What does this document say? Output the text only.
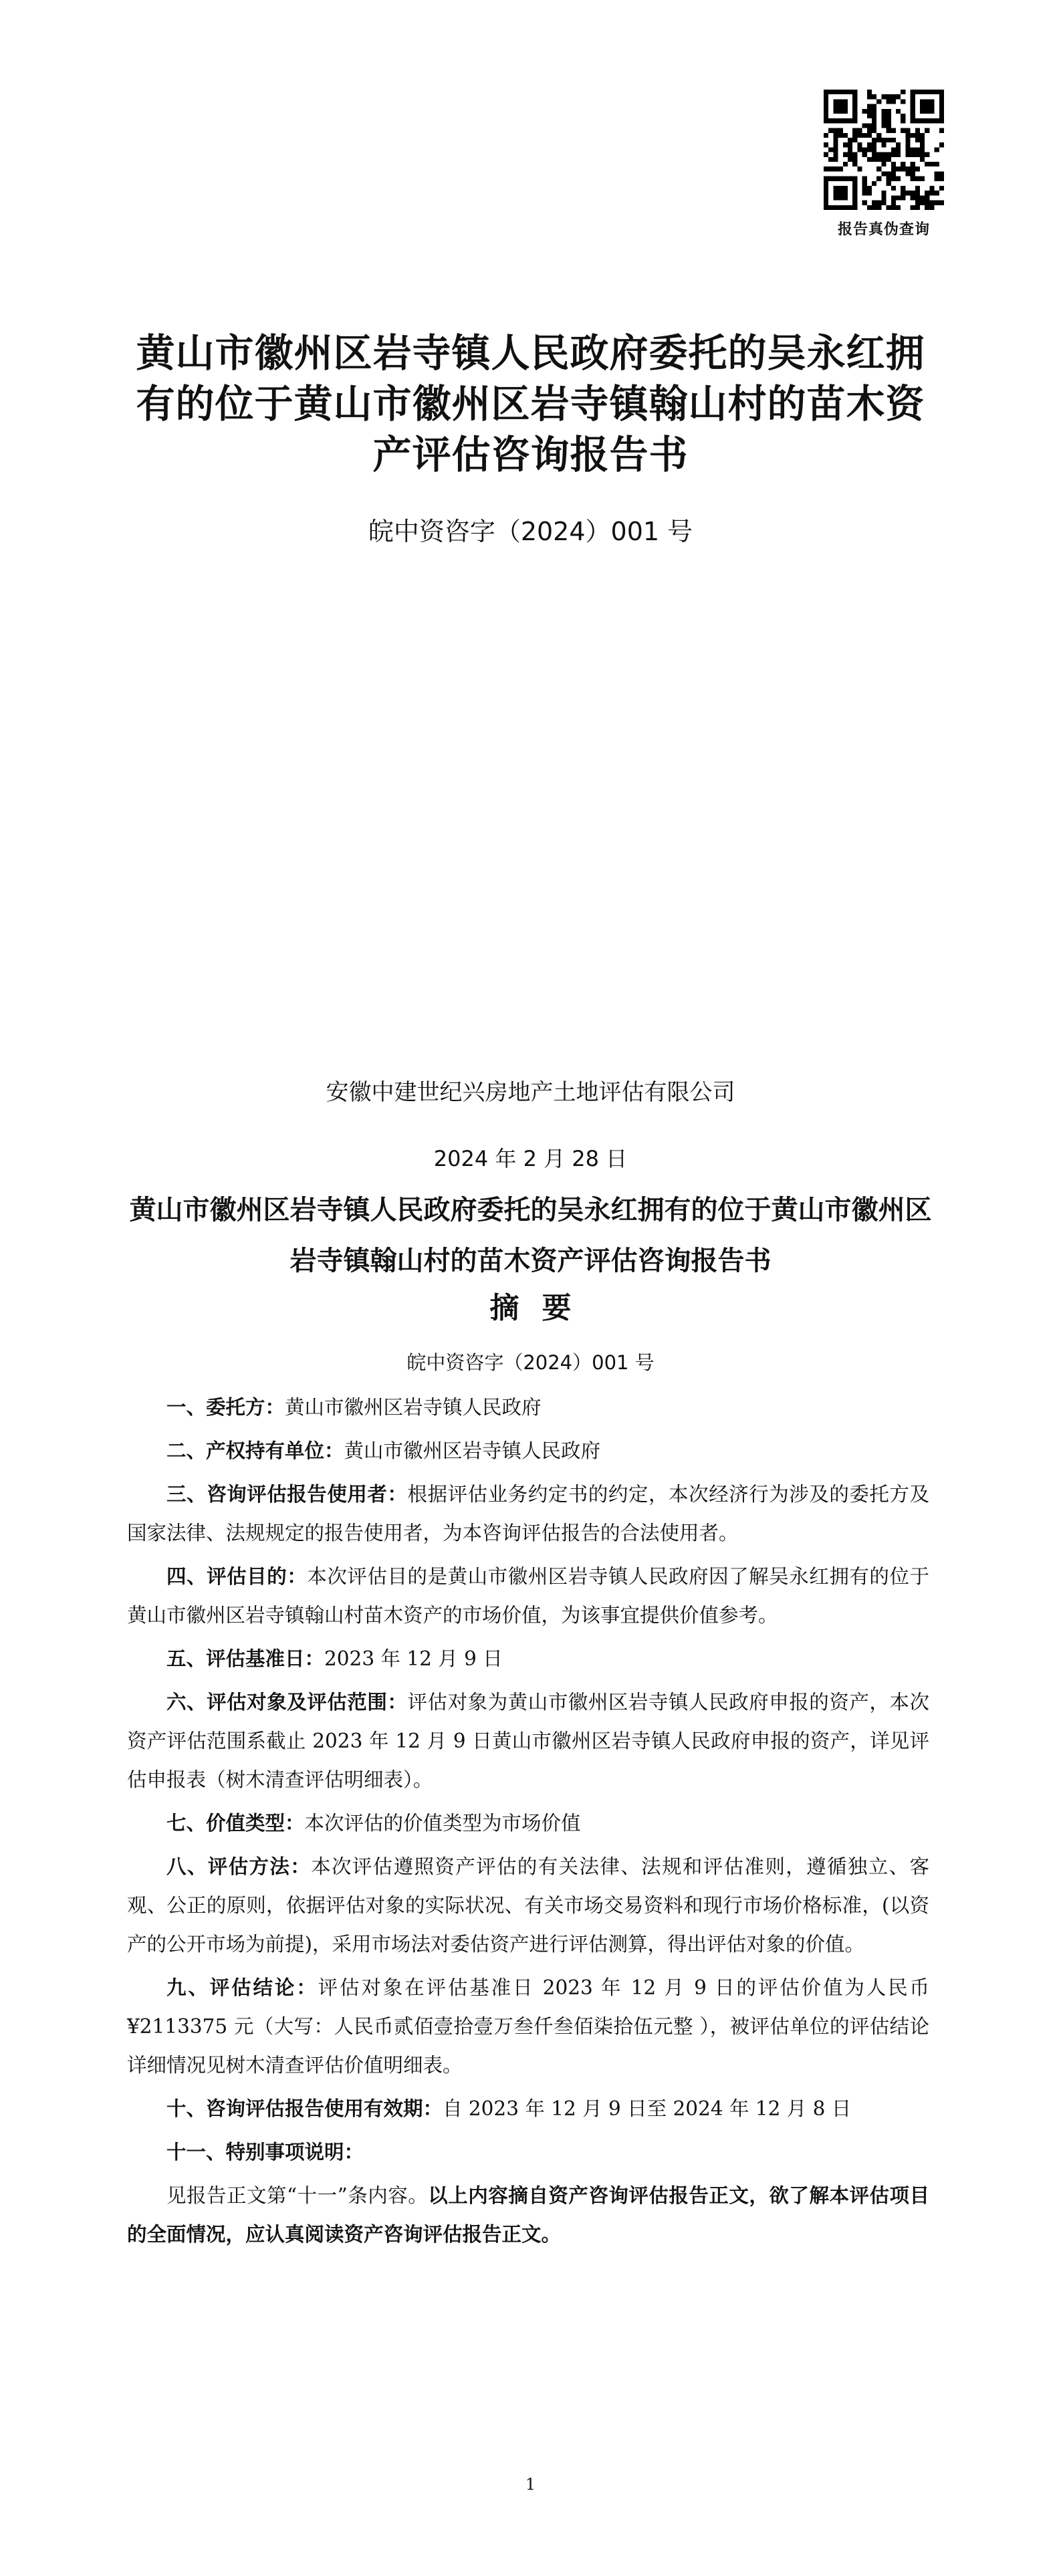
报告真伪查询
黄山市徽州区岩寺镇人民政府委托的吴永红拥有的位于黄山市徽州区岩寺镇翰山村的苗木资产评估咨询报告书
皖中资咨字（2024）001 号
安徽中建世纪兴房地产土地评估有限公司
2024 年 2 月 28 日
黄山市徽州区岩寺镇人民政府委托的吴永红拥有的位于黄山市徽州区岩寺镇翰山村的苗木资产评估咨询报告书
摘要
皖中资咨字（2024）001 号

一、委托方：黄山市徽州区岩寺镇人民政府

二、产权持有单位：黄山市徽州区岩寺镇人民政府

三、咨询评估报告使用者：根据评估业务约定书的约定，本次经济行为涉及的委托方及国家法律、法规规定的报告使用者，为本咨询评估报告的合法使用者。

四、评估目的：本次评估目的是黄山市徽州区岩寺镇人民政府因了解吴永红拥有的位于黄山市徽州区岩寺镇翰山村苗木资产的市场价值，为该事宜提供价值参考。

五、评估基准日：2023 年 12 月 9 日

六、评估对象及评估范围：评估对象为黄山市徽州区岩寺镇人民政府申报的资产，本次资产评估范围系截止 2023 年 12 月 9 日黄山市徽州区岩寺镇人民政府申报的资产，详见评估申报表（树木清查评估明细表）。

七、价值类型：本次评估的价值类型为市场价值

八、评估方法：本次评估遵照资产评估的有关法律、法规和评估准则，遵循独立、客观、公正的原则，依据评估对象的实际状况、有关市场交易资料和现行市场价格标准，(以资产的公开市场为前提)，采用市场法对委估资产进行评估测算，得出评估对象的价值。

九、评估结论：评估对象在评估基准日 2023 年 12 月 9 日的评估价值为人民币¥2113375 元（大写：人民币贰佰壹拾壹万叁仟叁佰柒拾伍元整 ），被评估单位的评估结论详细情况见树木清查评估价值明细表。

十、咨询评估报告使用有效期：自 2023 年 12 月 9 日至 2024 年 12 月 8 日

十一、特别事项说明：

见报告正文第“十一”条内容。以上内容摘自资产咨询评估报告正文，欲了解本评估项目的全面情况，应认真阅读资产咨询评估报告正文。

1
